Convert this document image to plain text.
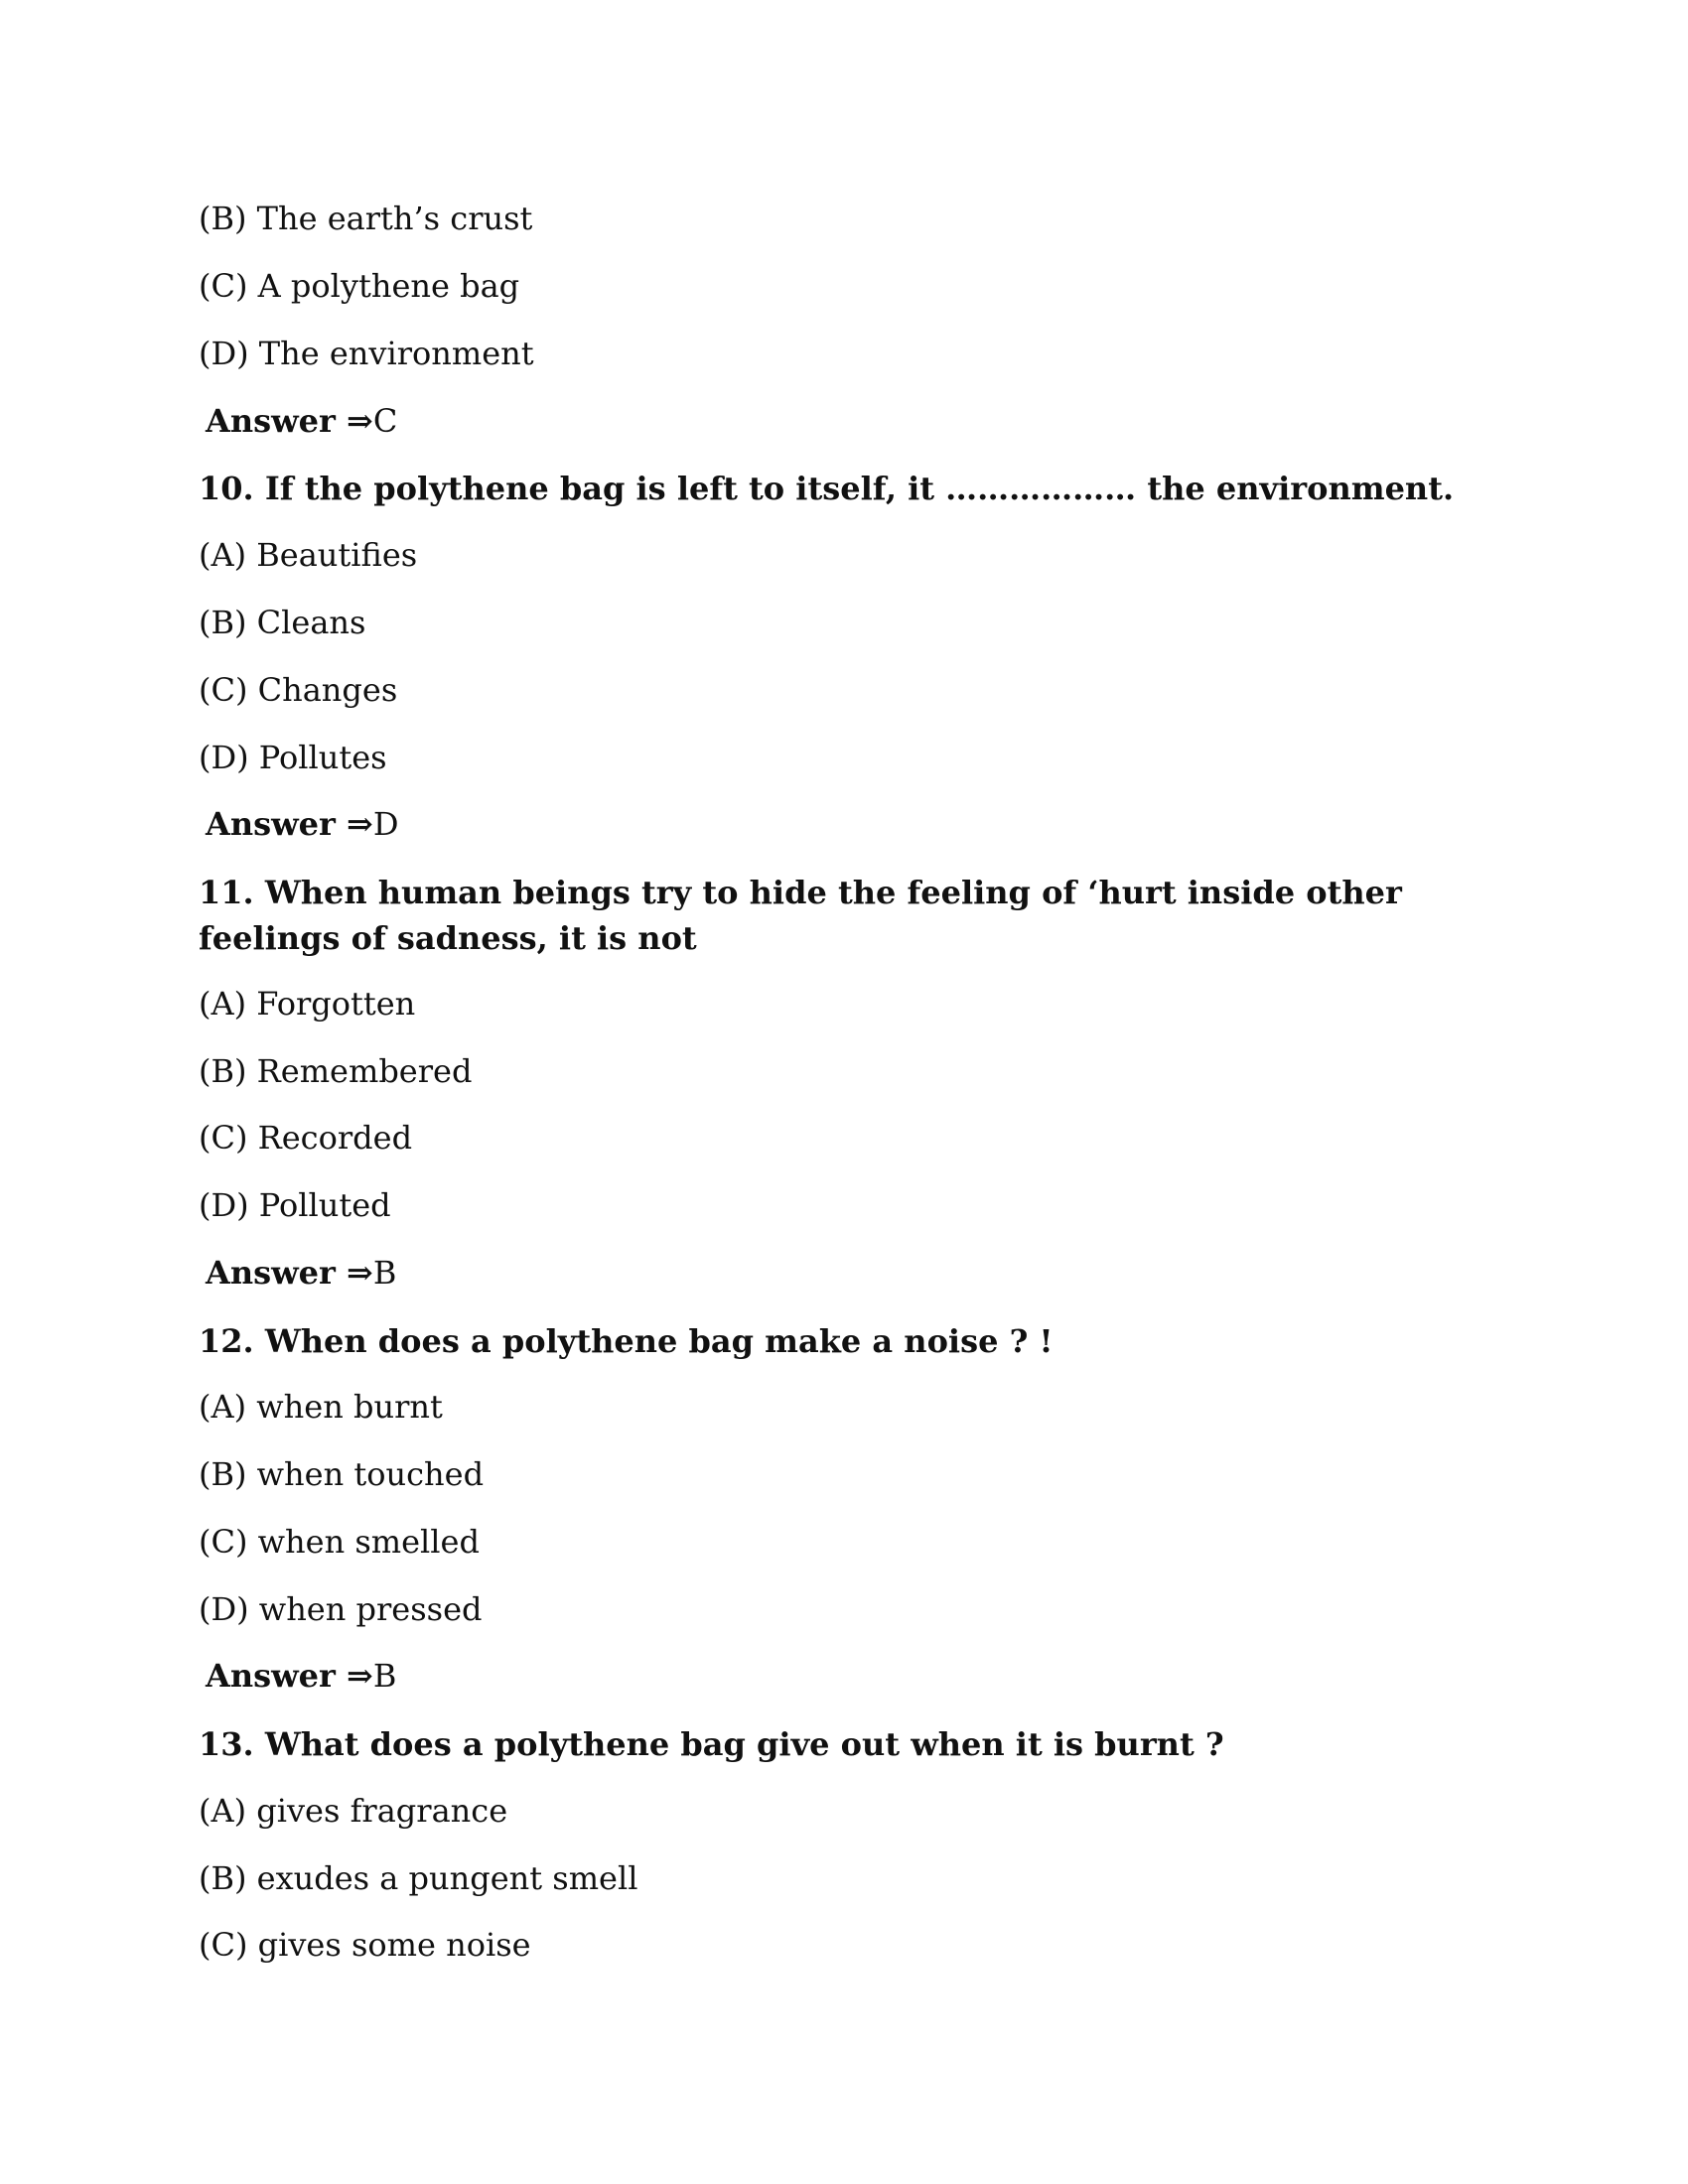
(B) The earth’s crust
(C) A polythene bag
(D) The environment
Answer ⇒C
10. If the polythene bag is left to itself, it ……………… the environment.
(A) Beautifies
(B) Cleans
(C) Changes
(D) Pollutes
Answer ⇒D
11. When human beings try to hide the feeling of ‘hurt inside other feelings of sadness, it is not
(A) Forgotten
(B) Remembered
(C) Recorded
(D) Polluted
Answer ⇒B
12. When does a polythene bag make a noise ? !
(A) when burnt
(B) when touched
(C) when smelled
(D) when pressed
Answer ⇒B
13. What does a polythene bag give out when it is burnt ?
(A) gives fragrance
(B) exudes a pungent smell
(C) gives some noise
